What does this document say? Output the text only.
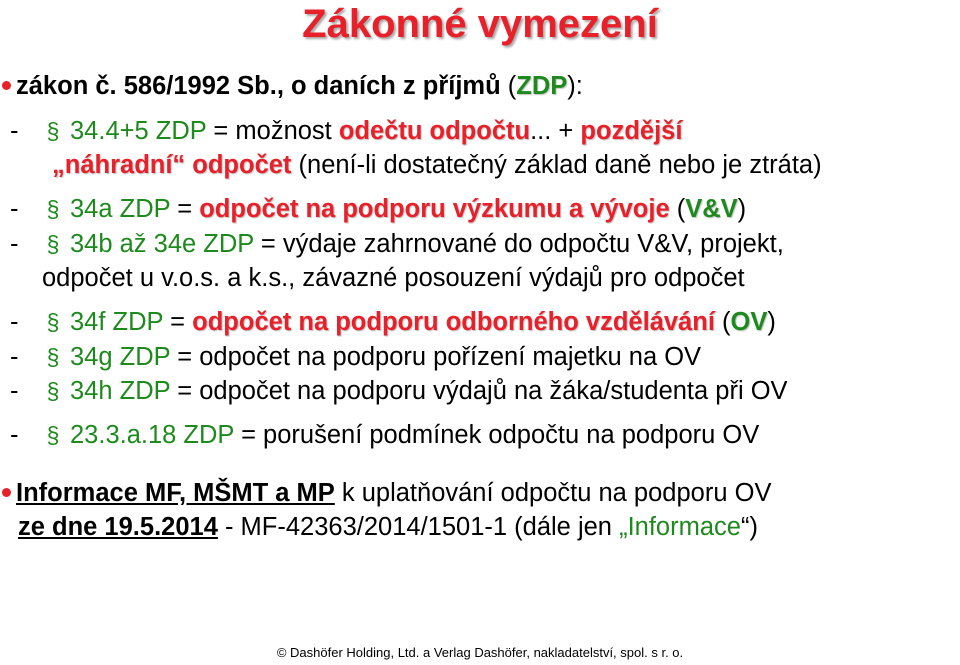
Zákonné vymezení
zákon č. 586/1992 Sb., o daních z příjmů (ZDP):
- § 34.4+5 ZDP = možnost odečtu odpočtu... + pozdější
„náhradní“ odpočet (není-li dostatečný základ daně nebo je ztráta)
- § 34a ZDP = odpočet na podporu výzkumu a vývoje (V&V)
- § 34b až 34e ZDP = výdaje zahrnované do odpočtu V&V, projekt,
odpočet u v.o.s. a k.s., závazné posouzení výdajů pro odpočet
- § 34f ZDP = odpočet na podporu odborného vzdělávání (OV)
- § 34g ZDP = odpočet na podporu pořízení majetku na OV
- § 34h ZDP = odpočet na podporu výdajů na žáka/studenta při OV
- § 23.3.a.18 ZDP = porušení podmínek odpočtu na podporu OV
Informace MF, MŠMT a MP k uplatňování odpočtu na podporu OV
ze dne 19.5.2014 - MF-42363/2014/1501-1 (dále jen „Informace“)
© Dashöfer Holding, Ltd. a Verlag Dashöfer, nakladatelství, spol. s r. o.
